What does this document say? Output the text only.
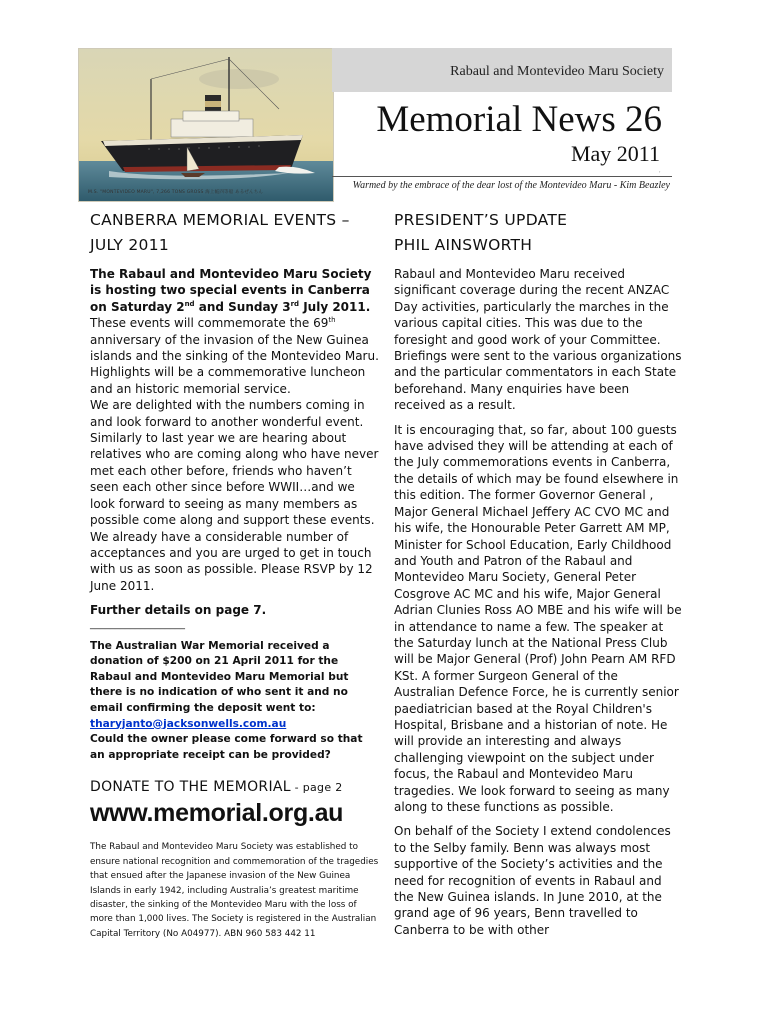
M.S. "MONTEVIDEO MARU", 7,266 TONS GROSS 海上帳四等船 あるぜんちん
Rabaul and Montevideo Maru Society
Memorial News 26
May 2011
,
Warmed by the embrace of the dear lost of the Montevideo Maru - Kim Beazley
CANBERRA MEMORIAL EVENTS –
JULY 2011

The Rabaul and Montevideo Maru Society is hosting two special events in Canberra on Saturday 2nd and Sunday 3rd July 2011. These events will commemorate the 69th anniversary of the invasion of the New Guinea islands and the sinking of the Montevideo Maru. Highlights will be a commemorative luncheon and an historic memorial service.
We are delighted with the numbers coming in and look forward to another wonderful event. Similarly to last year we are hearing about relatives who are coming along who have never met each other before, friends who haven’t seen each other since before WWII…and we look forward to seeing as many members as possible come along and support these events. We already have a considerable number of acceptances and you are urged to get in touch with us as soon as possible. Please RSVP by 12 June 2011.

Further details on page 7.

___________________

The Australian War Memorial received a donation of $200 on 21 April 2011 for the Rabaul and Montevideo Maru Memorial but there is no indication of who sent it and no email confirming the deposit went to:
tharyjanto@jacksonwells.com.au
Could the owner please come forward so that an appropriate receipt can be provided?

DONATE TO THE MEMORIAL - page 2

www.memorial.org.au

The Rabaul and Montevideo Maru Society was established to ensure national recognition and commemoration of the tragedies that ensued after the Japanese invasion of the New Guinea Islands in early 1942, including Australia’s greatest maritime disaster, the sinking of the Montevideo Maru with the loss of more than 1,000 lives. The Society is registered in the Australian Capital Territory (No A04977). ABN 960 583 442 11

PRESIDENT’S UPDATE
PHIL AINSWORTH

Rabaul and Montevideo Maru received significant coverage during the recent ANZAC Day activities, particularly the marches in the various capital cities. This was due to the foresight and good work of your Committee. Briefings were sent to the various organizations and the particular commentators in each State beforehand. Many enquiries have been received as a result.

It is encouraging that, so far, about 100 guests have advised they will be attending at each of the July commemorations events in Canberra, the details of which may be found elsewhere in this edition. The former Governor General , Major General Michael Jeffery AC CVO MC and his wife, the Honourable Peter Garrett AM MP, Minister for School Education, Early Childhood and Youth and Patron of the Rabaul and Montevideo Maru Society, General Peter Cosgrove AC MC and his wife, Major General Adrian Clunies Ross AO MBE and his wife will be in attendance to name a few. The speaker at the Saturday lunch at the National Press Club will be Major General (Prof) John Pearn AM RFD KSt. A former Surgeon General of the Australian Defence Force, he is currently senior paediatrician based at the Royal Children's Hospital, Brisbane and a historian of note. He will provide an interesting and always challenging viewpoint on the subject under focus, the Rabaul and Montevideo Maru tragedies. We look forward to seeing as many along to these functions as possible.

On behalf of the Society I extend condolences to the Selby family. Benn was always most supportive of the Society’s activities and the need for recognition of events in Rabaul and the New Guinea islands. In June 2010, at the grand age of 96 years, Benn travelled to Canberra to be with other
